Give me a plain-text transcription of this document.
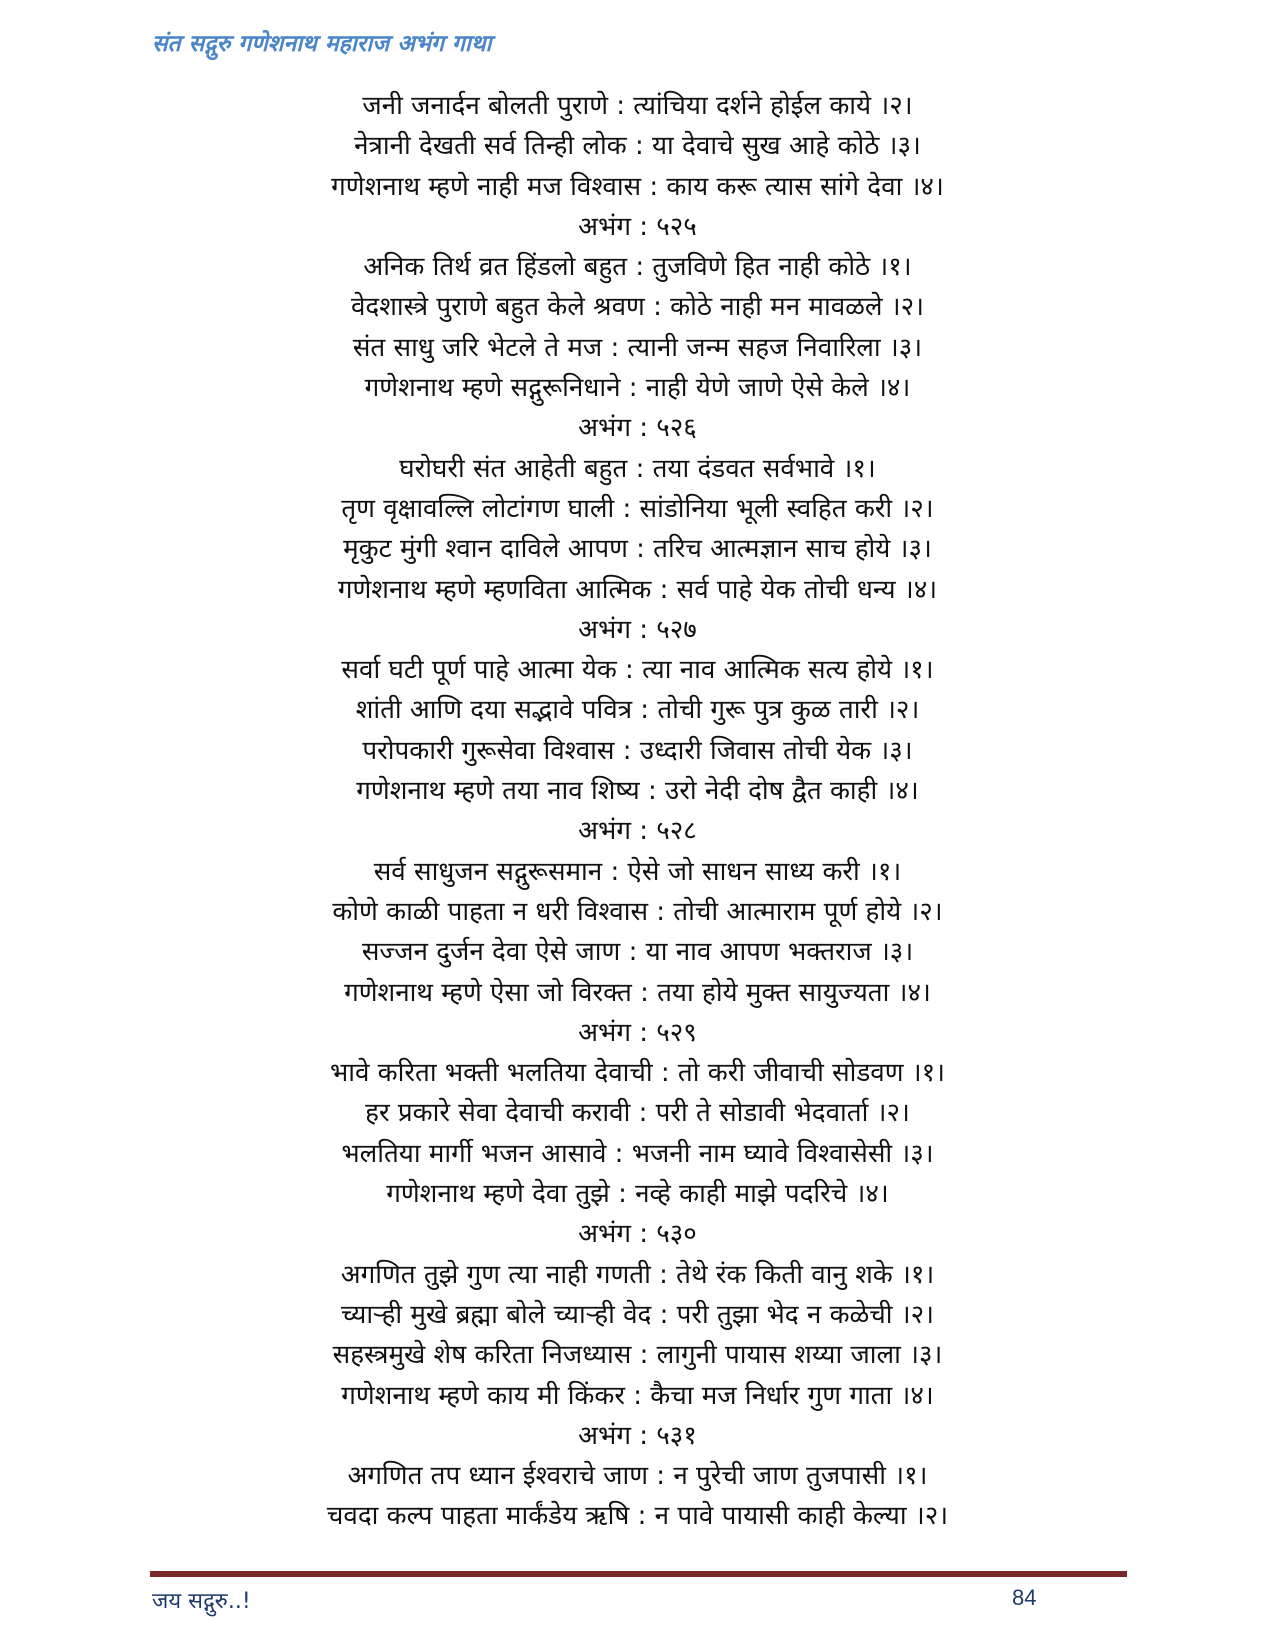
संत सद्गुरु गणेशनाथ महाराज अभंग गाथा
जनी जनार्दन बोलती पुराणे : त्यांचिया दर्शने होईल काये ।२।
नेत्रानी देखती सर्व तिन्ही लोक : या देवाचे सुख आहे कोठे ।३।
गणेशनाथ म्हणे नाही मज विश्वास : काय करू त्यास सांगे देवा ।४।
अभंग : ५२५
अनिक तिर्थ व्रत हिंडलो बहुत : तुजविणे हित नाही कोठे ।१।
वेदशास्त्रे पुराणे बहुत केले श्रवण : कोठे नाही मन मावळले ।२।
संत साधु जरि भेटले ते मज : त्यानी जन्म सहज निवारिला ।३।
गणेशनाथ म्हणे सद्गुरूनिधाने : नाही येणे जाणे ऐसे केले ।४।
अभंग : ५२६
घरोघरी संत आहेती बहुत : तया दंडवत सर्वभावे ।१।
तृण वृक्षावल्लि लोटांगण घाली : सांडोनिया भूली स्वहित करी ।२।
मृकुट मुंगी श्वान दाविले आपण : तरिच आत्मज्ञान साच होये ।३।
गणेशनाथ म्हणे म्हणविता आत्मिक : सर्व पाहे येक तोची धन्य ।४।
अभंग : ५२७
सर्वा घटी पूर्ण पाहे आत्मा येक : त्या नाव आत्मिक सत्य होये ।१।
शांती आणि दया सद्भावे पवित्र : तोची गुरू पुत्र कुळ तारी ।२।
परोपकारी गुरूसेवा विश्वास : उध्दारी जिवास तोची येक ।३।
गणेशनाथ म्हणे तया नाव शिष्य : उरो नेदी दोष द्वैत काही ।४।
अभंग : ५२८
सर्व साधुजन सद्गुरूसमान : ऐसे जो साधन साध्य करी ।१।
कोणे काळी पाहता न धरी विश्वास : तोची आत्माराम पूर्ण होये ।२।
सज्जन दुर्जन देवा ऐसे जाण : या नाव आपण भक्तराज ।३।
गणेशनाथ म्हणे ऐसा जो विरक्त : तया होये मुक्त सायुज्यता ।४।
अभंग : ५२९
भावे करिता भक्ती भलतिया देवाची : तो करी जीवाची सोडवण ।१।
हर प्रकारे सेवा देवाची करावी : परी ते सोडावी भेदवार्ता ।२।
भलतिया मार्गी भजन आसावे : भजनी नाम घ्यावे विश्वासेसी ।३।
गणेशनाथ म्हणे देवा तुझे : नव्हे काही माझे पदरिचे ।४।
अभंग : ५३०
अगणित तुझे गुण त्या नाही गणती : तेथे रंक किती वानु शके ।१।
च्याऱ्ही मुखे ब्रह्मा बोले च्याऱ्ही वेद : परी तुझा भेद न कळेची ।२।
सहस्त्रमुखे शेष करिता निजध्यास : लागुनी पायास शय्या जाला ।३।
गणेशनाथ म्हणे काय मी किंकर : कैचा मज निर्धार गुण गाता ।४।
अभंग : ५३१
अगणित तप ध्यान ईश्वराचे जाण : न पुरेची जाण तुजपासी ।१।
चवदा कल्प पाहता मार्कंडेय ऋषि : न पावे पायासी काही केल्या ।२।
जय सद्गुरु..!	84
